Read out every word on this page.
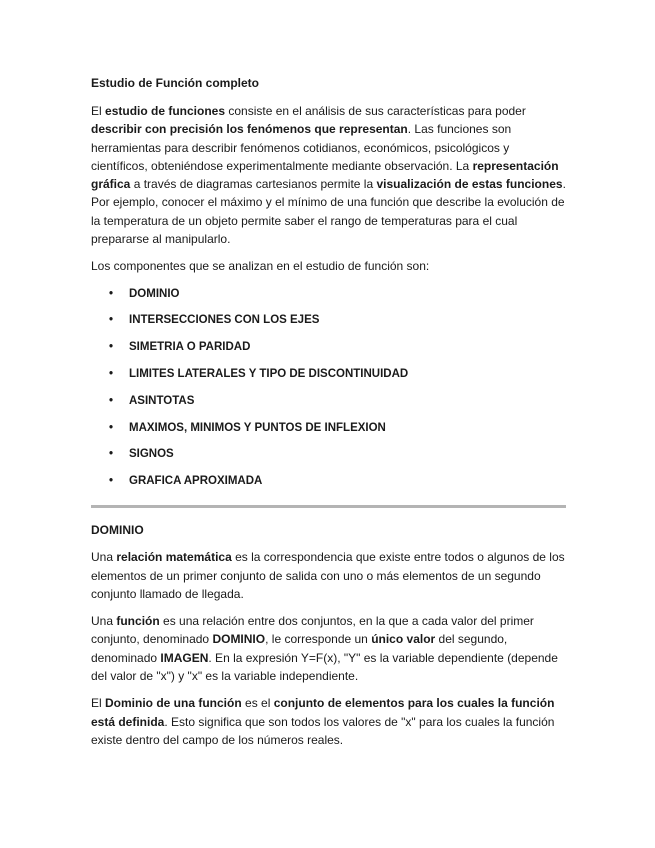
Estudio de Función completo

El estudio de funciones consiste en el análisis de sus características para poder describir con precisión los fenómenos que representan. Las funciones son herramientas para describir fenómenos cotidianos, económicos, psicológicos y científicos, obteniéndose experimentalmente mediante observación. La representación gráfica a través de diagramas cartesianos permite la visualización de estas funciones. Por ejemplo, conocer el máximo y el mínimo de una función que describe la evolución de la temperatura de un objeto permite saber el rango de temperaturas para el cual prepararse al manipularlo.

Los componentes que se analizan en el estudio de función son:

• DOMINIO
• INTERSECCIONES CON LOS EJES
• SIMETRIA O PARIDAD
• LIMITES LATERALES Y TIPO DE DISCONTINUIDAD
• ASINTOTAS
• MAXIMOS, MINIMOS Y PUNTOS DE INFLEXION
• SIGNOS
• GRAFICA APROXIMADA
DOMINIO

Una relación matemática es la correspondencia que existe entre todos o algunos de los elementos de un primer conjunto de salida con uno o más elementos de un segundo conjunto llamado de llegada.

Una función es una relación entre dos conjuntos, en la que a cada valor del primer conjunto, denominado DOMINIO, le corresponde un único valor del segundo, denominado IMAGEN. En la expresión Y=F(x), "Y" es la variable dependiente (depende del valor de "x") y "x" es la variable independiente.

El Dominio de una función es el conjunto de elementos para los cuales la función está definida. Esto significa que son todos los valores de "x" para los cuales la función existe dentro del campo de los números reales.
